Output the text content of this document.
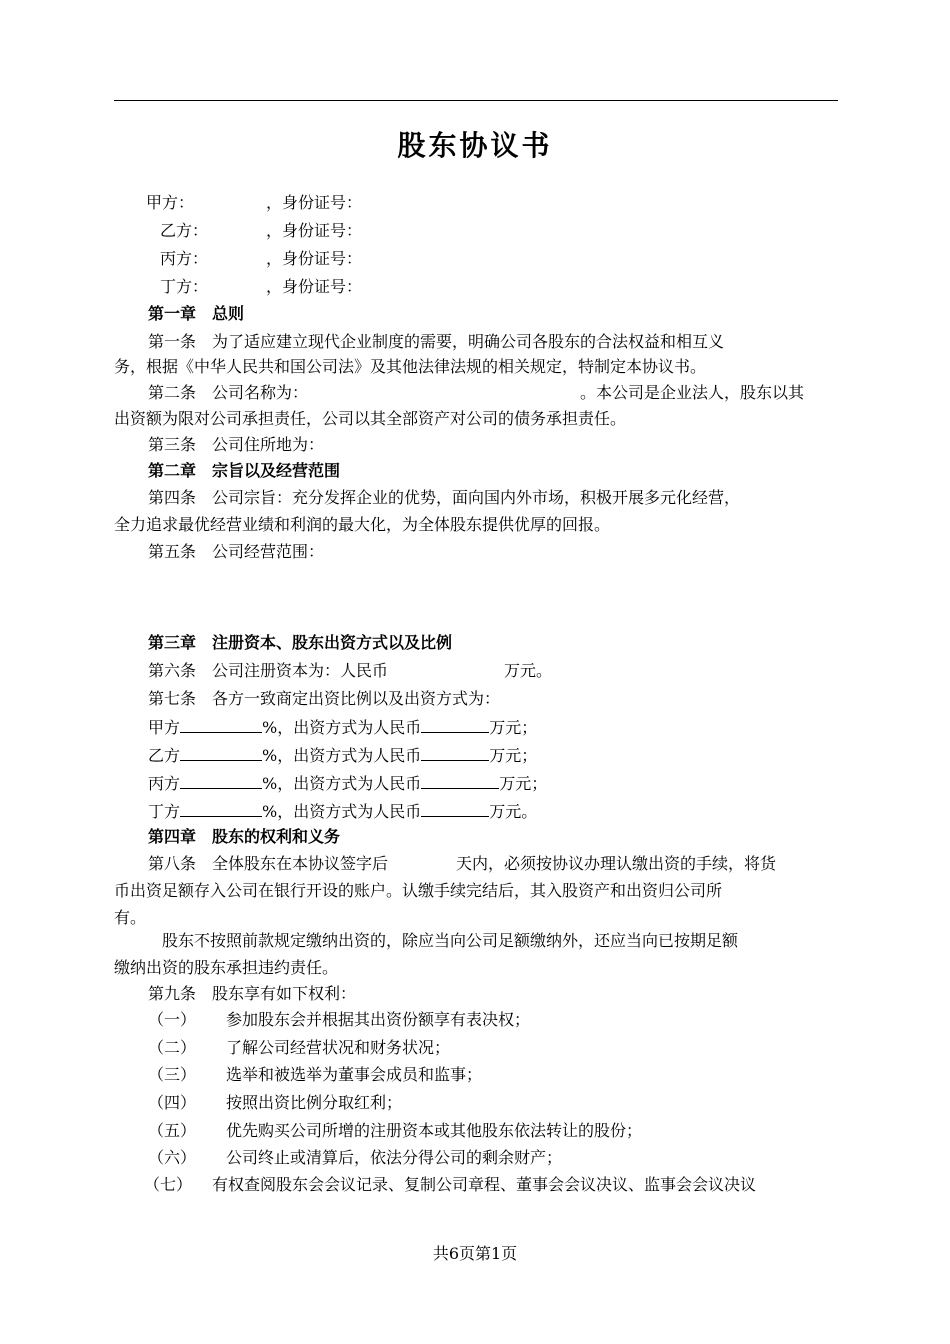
股东协议书
甲方：	，身份证号：
乙方：	，身份证号：
丙方：	，身份证号：
丁方：	，身份证号：
第一章　总则
第一条　为了适应建立现代企业制度的需要，明确公司各股东的合法权益和相互义
务，根据《中华人民共和国公司法》及其他法律法规的相关规定，特制定本协议书。
第二条　公司名称为：	。本公司是企业法人，股东以其
出资额为限对公司承担责任，公司以其全部资产对公司的债务承担责任。
第三条　公司住所地为：
第二章　宗旨以及经营范围
第四条　公司宗旨：充分发挥企业的优势，面向国内外市场，积极开展多元化经营，
全力追求最优经营业绩和利润的最大化，为全体股东提供优厚的回报。
第五条　公司经营范围：
第三章　注册资本、股东出资方式以及比例
第六条　公司注册资本为：人民币	万元。
第七条　各方一致商定出资比例以及出资方式为：
甲方	%，出资方式为人民币	万元；
乙方	%，出资方式为人民币	万元；
丙方	%，出资方式为人民币	万元；
丁方	%，出资方式为人民币	万元。
第四章　股东的权利和义务
第八条　全体股东在本协议签字后	天内，必须按协议办理认缴出资的手续，将货
币出资足额存入公司在银行开设的账户。认缴手续完结后，其入股资产和出资归公司所
有。
股东不按照前款规定缴纳出资的，除应当向公司足额缴纳外，还应当向已按期足额
缴纳出资的股东承担违约责任。
第九条　股东享有如下权利：
（一） 参加股东会并根据其出资份额享有表决权；
（二） 了解公司经营状况和财务状况；
（三） 选举和被选举为董事会成员和监事；
（四） 按照出资比例分取红利；
（五） 优先购买公司所增的注册资本或其他股东依法转让的股份；
（六） 公司终止或清算后，依法分得公司的剩余财产；
（七） 有权查阅股东会会议记录、复制公司章程、董事会会议决议、监事会会议决议
共6页第1页
